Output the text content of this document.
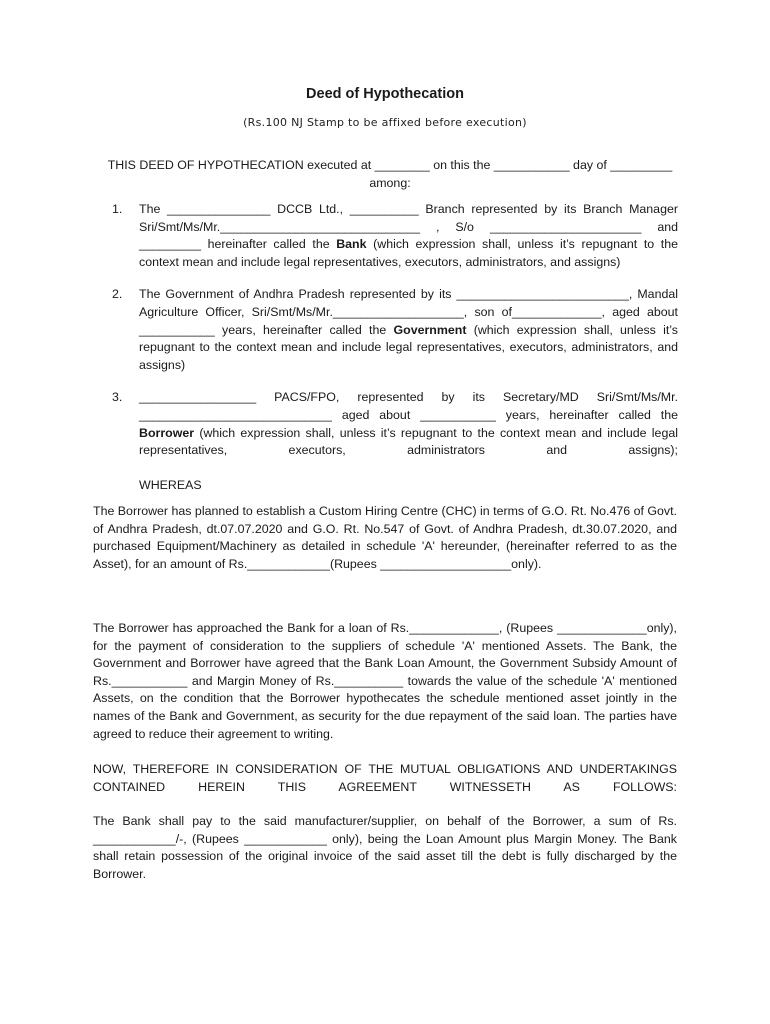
Deed of Hypothecation
(Rs.100 NJ Stamp to be affixed before execution)
THIS DEED OF HYPOTHECATION executed at ________ on this the ___________ day of _________
among:
1.	The _______________ DCCB Ltd., __________ Branch represented by its Branch Manager Sri/Smt/Ms/Mr._____________________________ , S/o ______________________ and _________ hereinafter called the Bank (which expression shall, unless it’s repugnant to the context mean and include legal representatives, executors, administrators, and assigns)
2.	The Government of Andhra Pradesh represented by its _________________________, Mandal Agriculture Officer, Sri/Smt/Ms/Mr.___________________, son of_____________, aged about ___________ years, hereinafter called the Government (which expression shall, unless it’s repugnant to the context mean and include legal representatives, executors, administrators, and assigns)
3.	_________________ PACS/FPO, represented by its Secretary/MD Sri/Smt/Ms/Mr. ____________________________ aged about ___________ years, hereinafter called the Borrower (which expression shall, unless it’s repugnant to the context mean and include legal representatives, executors, administrators and assigns);
WHEREAS
The Borrower has planned to establish a Custom Hiring Centre (CHC) in terms of G.O. Rt. No.476 of Govt. of Andhra Pradesh, dt.07.07.2020 and G.O. Rt. No.547 of Govt. of Andhra Pradesh, dt.30.07.2020, and purchased Equipment/Machinery as detailed in schedule 'A' hereunder, (hereinafter referred to as the Asset), for an amount of Rs.____________(Rupees ___________________only).
The Borrower has approached the Bank for a loan of Rs._____________, (Rupees _____________only), for the payment of consideration to the suppliers of schedule 'A' mentioned Assets. The Bank, the Government and Borrower have agreed that the Bank Loan Amount, the Government Subsidy Amount of Rs.___________ and Margin Money of Rs.__________ towards the value of the schedule 'A' mentioned Assets, on the condition that the Borrower hypothecates the schedule mentioned asset jointly in the names of the Bank and Government, as security for the due repayment of the said loan. The parties have agreed to reduce their agreement to writing.
NOW, THEREFORE IN CONSIDERATION OF THE MUTUAL OBLIGATIONS AND UNDERTAKINGS CONTAINED HEREIN THIS AGREEMENT WITNESSETH AS FOLLOWS:
The Bank shall pay to the said manufacturer/supplier, on behalf of the Borrower, a sum of Rs. ____________/-, (Rupees ____________ only), being the Loan Amount plus Margin Money. The Bank shall retain possession of the original invoice of the said asset till the debt is fully discharged by the Borrower.
